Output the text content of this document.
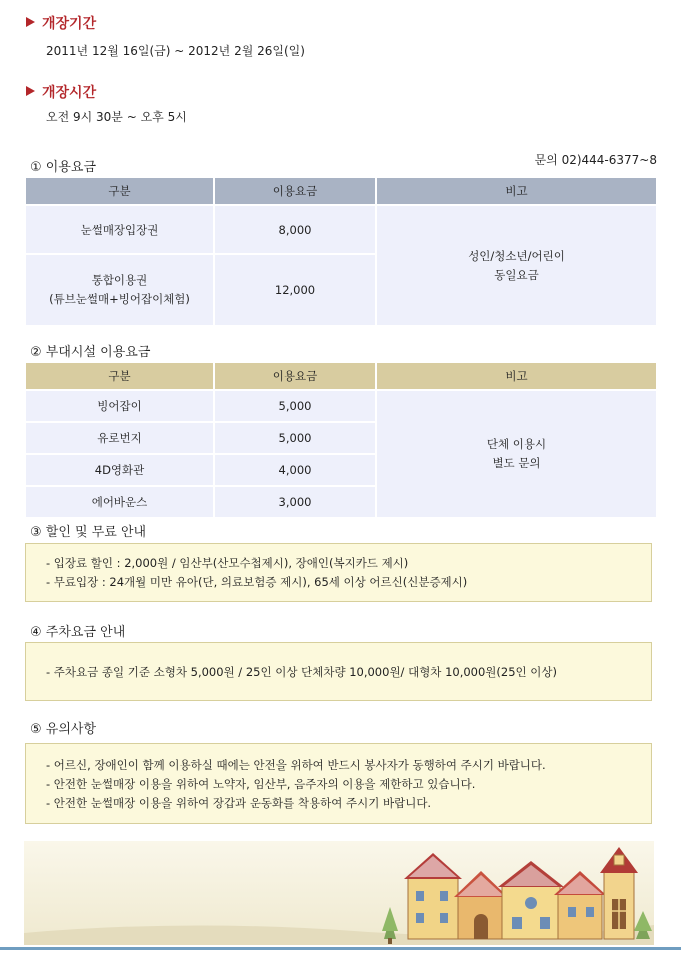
개장기간
2011년 12월 16일(금) ~ 2012년 2월 26일(일)
개장시간
오전 9시 30분 ~ 오후 5시
① 이용요금	문의 02)444-6377~8
구분	이용요금	비고
눈썰매장입장권	8,000	성인/청소년/어린이
동일요금

통합이용권
(튜브눈썰매+빙어잡이체험)	12,000	
② 부대시설 이용요금
구분	이용요금	비고
빙어잡이	5,000	단체 이용시
별도 문의

유로번지	5,000	
4D영화관	4,000	
에어바운스	3,000	
③ 할인 및 무료 안내

- 입장료 할인 : 2,000원 / 임산부(산모수첩제시), 장애인(복지카드 제시)

- 무료입장 : 24개월 미만 유아(단, 의료보험증 제시), 65세 이상 어르신(신분증제시)

④ 주차요금 안내

- 주차요금 종일 기준 소형차 5,000원 / 25인 이상 단체차량 10,000원/ 대형차 10,000원(25인 이상)

⑤ 유의사항

- 어르신, 장애인이 함께 이용하실 때에는 안전을 위하여 반드시 봉사자가 동행하여 주시기 바랍니다.

- 안전한 눈썰매장 이용을 위하여 노약자, 임산부, 음주자의 이용을 제한하고 있습니다.

- 안전한 눈썰매장 이용을 위하여 장갑과 운동화를 착용하여 주시기 바랍니다.
